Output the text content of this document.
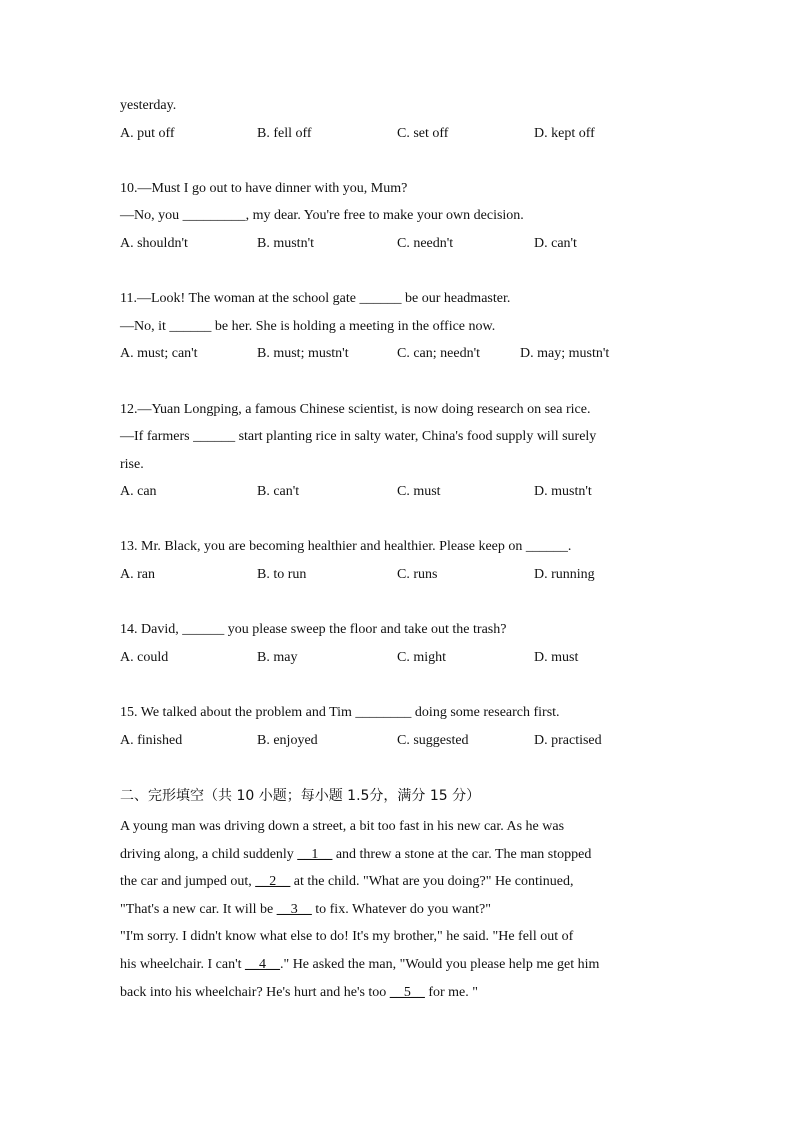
yesterday.
A. put off	B. fell off	C. set off	D. kept off
10.—Must I go out to have dinner with you, Mum?
—No, you _________, my dear. You're free to make your own decision.
A. shouldn't	B. mustn't	C. needn't	D. can't
11.—Look! The woman at the school gate ______ be our headmaster.
—No, it ______ be her. She is holding a meeting in the office now.
A. must; can't	B. must; mustn't	C. can; needn't	D. may; mustn't
12.—Yuan Longping, a famous Chinese scientist, is now doing research on sea rice.
—If farmers ______ start planting rice in salty water, China's food supply will surely
rise.
A. can	B. can't	C. must	D. mustn't
13. Mr. Black, you are becoming healthier and healthier. Please keep on ______.
A. ran	B. to run	C. runs	D. running
14. David, ______ you please sweep the floor and take out the trash?
A. could	B. may	C. might	D. must
15. We talked about the problem and Tim ________ doing some research first.
A. finished	B. enjoyed	C. suggested	D. practised
二、完形填空（共 10 小题；每小题 1.5分，满分 15 分）
A young man was driving down a street, a bit too fast in his new car. As he was
driving along, a child suddenly __1__ and threw a stone at the car. The man stopped
the car and jumped out, __2__ at the child. "What are you doing?" He continued,
"That's a new car. It will be __3__ to fix. Whatever do you want?"
"I'm sorry. I didn't know what else to do! It's my brother," he said. "He fell out of
his wheelchair. I can't __4__." He asked the man, "Would you please help me get him
back into his wheelchair? He's hurt and he's too __5__ for me. "
